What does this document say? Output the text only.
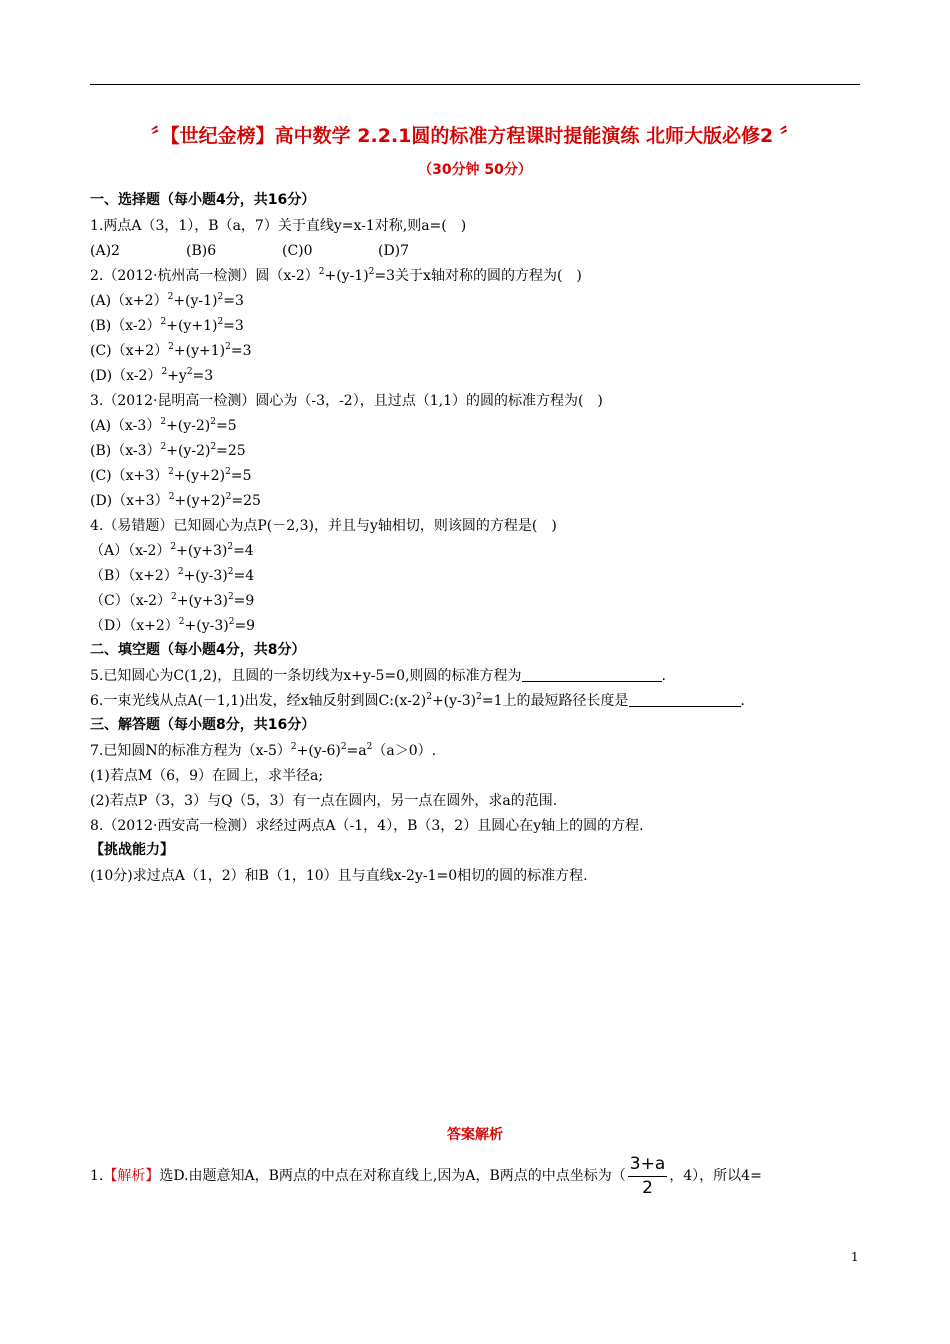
〞【世纪金榜】高中数学 2.2.1圆的标准方程课时提能演练 北师大版必修2 〞
（30分钟 50分）
一、选择题（每小题4分，共16分）
1.两点A（3，1），B（a，7）关于直线y=x-1对称,则a=(　)
(A)2	(B)6	(C)0	(D)7
2.（2012·杭州高一检测）圆$(x-2)^2+(y-1)^2=3$关于x轴对称的圆的方程为(　)
$(A)(x+2)^2+(y-1)^2=3$
$(B)(x-2)^2+(y+1)^2=3$
$(C)(x+2)^2+(y+1)^2=3$
$(D)(x-2)^2+y^2=3$
3.（2012·昆明高一检测）圆心为（-3，-2），且过点（1,1）的圆的标准方程为(　)
$(A)(x-3)^2+(y-2)^2=5$
$(B)(x-3)^2+(y-2)^2=25$
$(C)(x+3)^2+(y+2)^2=5$
$(D)(x+3)^2+(y+2)^2=25$
4.（易错题）已知圆心为点P(－2,3)，并且与y轴相切，则该圆的方程是(　)
$(A)(x-2)^2+(y+3)^2=4$
$(B)(x+2)^2+(y-3)^2=4$
$(C)(x-2)^2+(y+3)^2=9$
$(D)(x+2)^2+(y-3)^2=9$
二、填空题（每小题4分，共8分）
5.已知圆心为C(1,2)，且圆的一条切线为x+y-5=0,则圆的标准方程为	.
6.一束光线从点A(－1,1)出发，经x轴反射到圆$C:(x-2)^2+(y-3)^2=1$上的最短路径长度是	.
三、解答题（每小题8分，共16分）
7.已知圆N的标准方程为$(x-5)^2+(y-6)^2=a^2(a>0)$.
(1)若点M（6，9）在圆上，求半径a;
(2)若点P（3，3）与Q（5，3）有一点在圆内，另一点在圆外，求a的范围.
8.（2012·西安高一检测）求经过两点A（-1，4），B（3，2）且圆心在y轴上的圆的方程.
【挑战能力】
(10分)求过点A（1，2）和B（1，10）且与直线x-2y-1=0相切的圆的标准方程.
答案解析
1.【解析】选D.由题意知A，B两点的中点在对称直线上,因为A，B两点的中点坐标为（ $\frac{3+a}{2}$ ，4），所以4=
1
